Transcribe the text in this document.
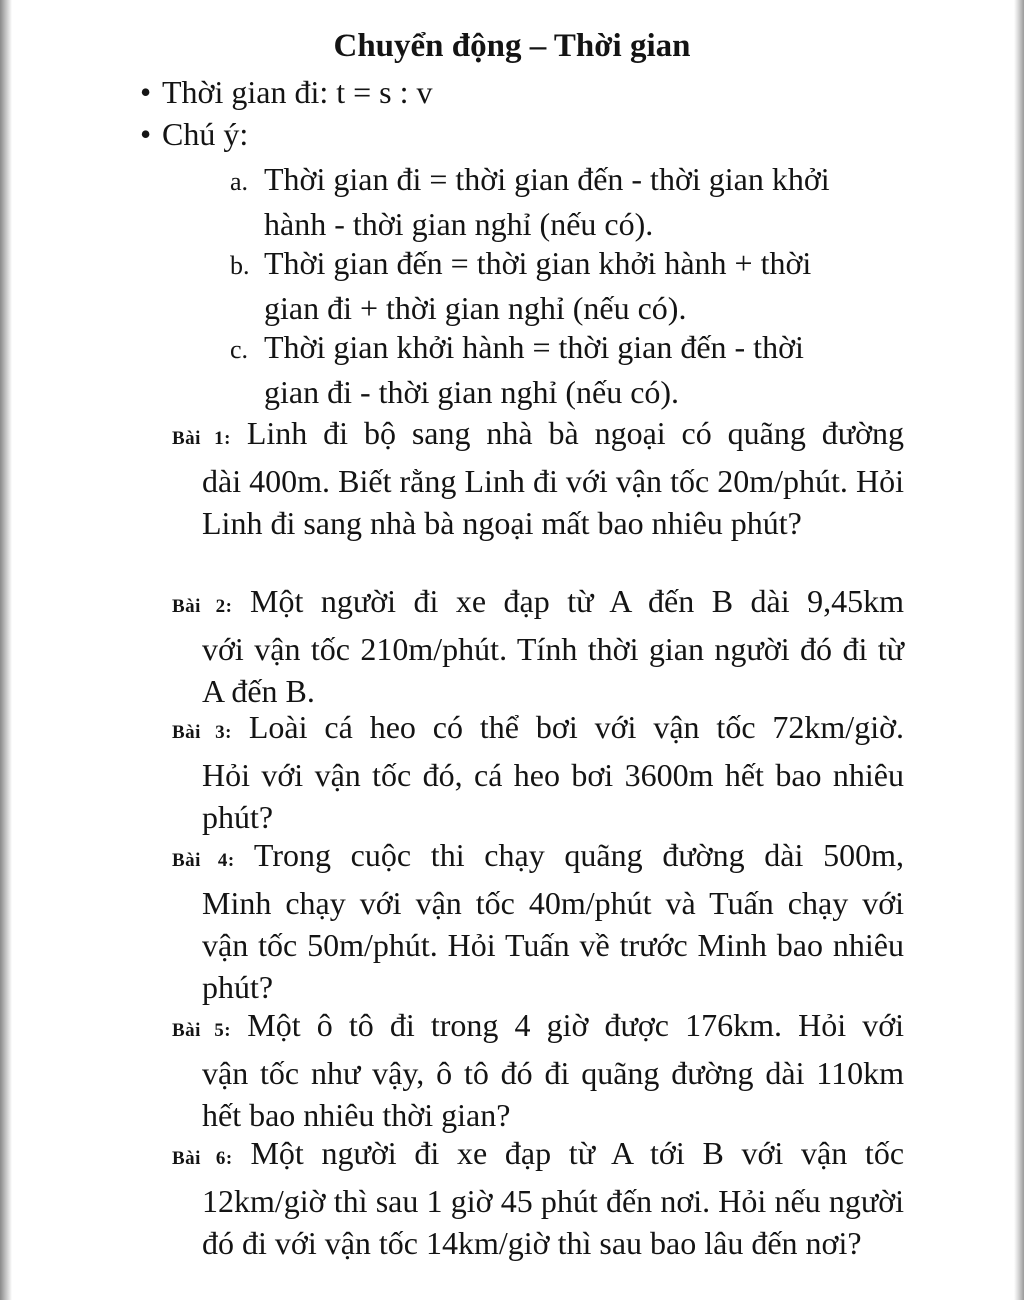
Chuyển động – Thời gian
• Thời gian đi: t = s : v
• Chú ý:
a. Thời gian đi = thời gian đến - thời gian khởi
hành - thời gian nghỉ (nếu có).
b. Thời gian đến = thời gian khởi hành + thời
gian đi + thời gian nghỉ (nếu có).
c. Thời gian khởi hành = thời gian đến - thời
gian đi - thời gian nghỉ (nếu có).
Bài 1: Linh đi bộ sang nhà bà ngoại có quãng đường
dài 400m. Biết rằng Linh đi với vận tốc 20m/phút. Hỏi Linh đi sang nhà bà ngoại mất bao nhiêu phút?
Bài 2: Một người đi xe đạp từ A đến B dài 9,45km
với vận tốc 210m/phút. Tính thời gian người đó đi từ A đến B.
Bài 3: Loài cá heo có thể bơi với vận tốc 72km/giờ.
Hỏi với vận tốc đó, cá heo bơi 3600m hết bao nhiêu phút?
Bài 4: Trong cuộc thi chạy quãng đường dài 500m,
Minh chạy với vận tốc 40m/phút và Tuấn chạy với vận tốc 50m/phút. Hỏi Tuấn về trước Minh bao nhiêu phút?
Bài 5: Một ô tô đi trong 4 giờ được 176km. Hỏi với
vận tốc như vậy, ô tô đó đi quãng đường dài 110km hết bao nhiêu thời gian?
Bài 6: Một người đi xe đạp từ A tới B với vận tốc
12km/giờ thì sau 1 giờ 45 phút đến nơi. Hỏi nếu người đó đi với vận tốc 14km/giờ thì sau bao lâu đến nơi?
